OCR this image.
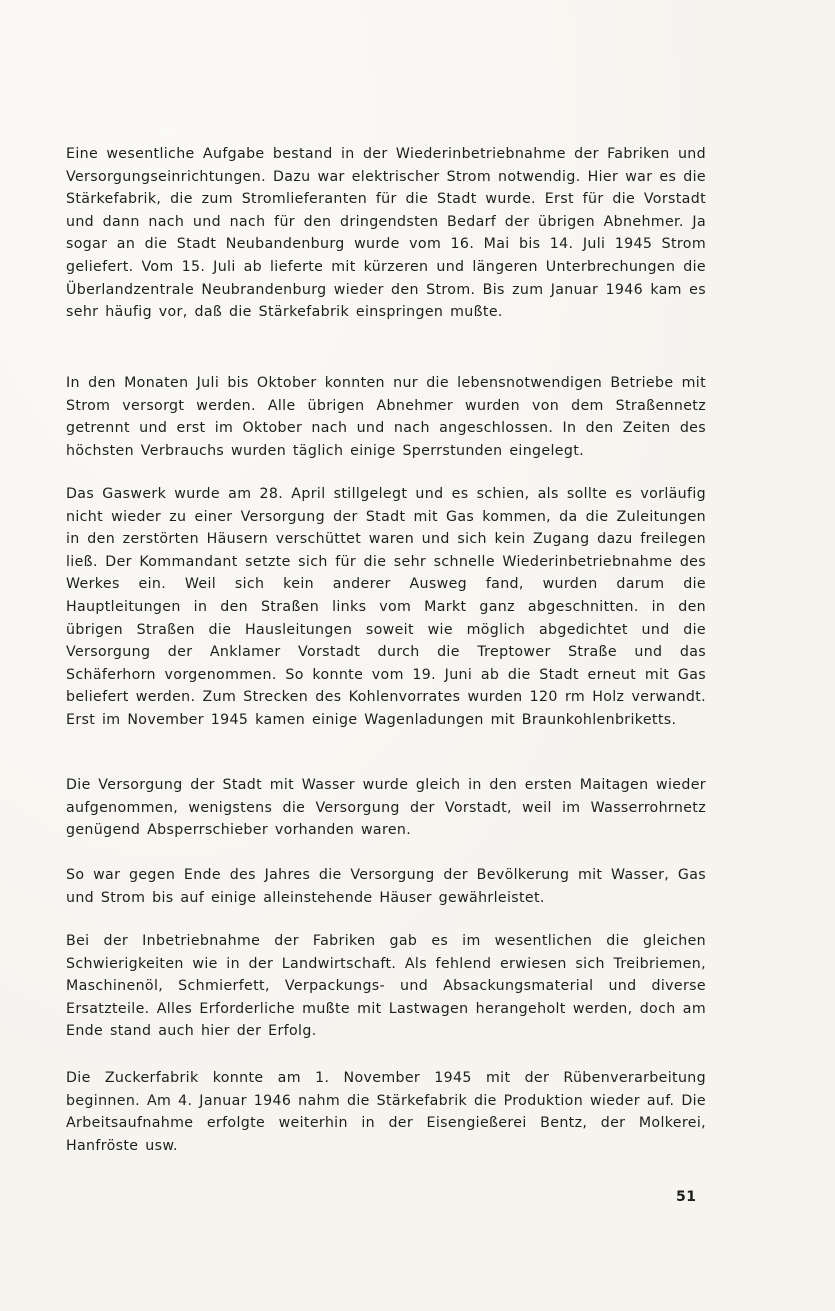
Eine wesentliche Aufgabe bestand in der Wiederinbetriebnahme der Fabriken und Versorgungseinrichtungen. Dazu war elektrischer Strom notwendig. Hier war es die Stärkefabrik, die zum Stromlieferanten für die Stadt wurde. Erst für die Vorstadt und dann nach und nach für den dringendsten Bedarf der übrigen Abnehmer. Ja sogar an die Stadt Neubandenburg wurde vom 16. Mai bis 14. Juli 1945 Strom geliefert. Vom 15. Juli ab lieferte mit kürzeren und längeren Unterbrechungen die Überlandzentrale Neubrandenburg wieder den Strom. Bis zum Januar 1946 kam es sehr häufig vor, daß die Stärkefabrik einspringen mußte.

In den Monaten Juli bis Oktober konnten nur die lebensnotwendigen Betriebe mit Strom versorgt werden. Alle übrigen Abnehmer wurden von dem Straßennetz getrennt und erst im Oktober nach und nach angeschlossen. In den Zeiten des höchsten Verbrauchs wurden täglich einige Sperrstunden eingelegt.

Das Gaswerk wurde am 28. April stillgelegt und es schien, als sollte es vorläufig nicht wieder zu einer Versorgung der Stadt mit Gas kommen, da die Zuleitungen in den zerstörten Häusern verschüttet waren und sich kein Zugang dazu freilegen ließ. Der Kommandant setzte sich für die sehr schnelle Wiederinbetriebnahme des Werkes ein. Weil sich kein anderer Ausweg fand, wurden darum die Hauptleitungen in den Straßen links vom Markt ganz abgeschnitten. in den übrigen Straßen die Hausleitungen soweit wie möglich abgedichtet und die Versorgung der Anklamer Vorstadt durch die Treptower Straße und das Schäferhorn vorgenommen. So konnte vom 19. Juni ab die Stadt erneut mit Gas beliefert werden. Zum Strecken des Kohlenvorrates wurden 120 rm Holz verwandt. Erst im November 1945 kamen einige Wagenladungen mit Braunkohlenbriketts.

Die Versorgung der Stadt mit Wasser wurde gleich in den ersten Maitagen wieder aufgenommen, wenigstens die Versorgung der Vorstadt, weil im Wasserrohrnetz genügend Absperrschieber vorhanden waren.

So war gegen Ende des Jahres die Versorgung der Bevölkerung mit Wasser, Gas und Strom bis auf einige alleinstehende Häuser gewährleistet.

Bei der Inbetriebnahme der Fabriken gab es im wesentlichen die gleichen Schwierigkeiten wie in der Landwirtschaft. Als fehlend erwiesen sich Treibriemen, Maschinenöl, Schmierfett, Verpackungs- und Absackungsmaterial und diverse Ersatzteile. Alles Erforderliche mußte mit Lastwagen herangeholt werden, doch am Ende stand auch hier der Erfolg.

Die Zuckerfabrik konnte am 1. November 1945 mit der Rübenverarbeitung beginnen. Am 4. Januar 1946 nahm die Stärkefabrik die Produktion wieder auf. Die Arbeitsaufnahme erfolgte weiterhin in der Eisengießerei Bentz, der Molkerei, Hanfröste usw.

51
